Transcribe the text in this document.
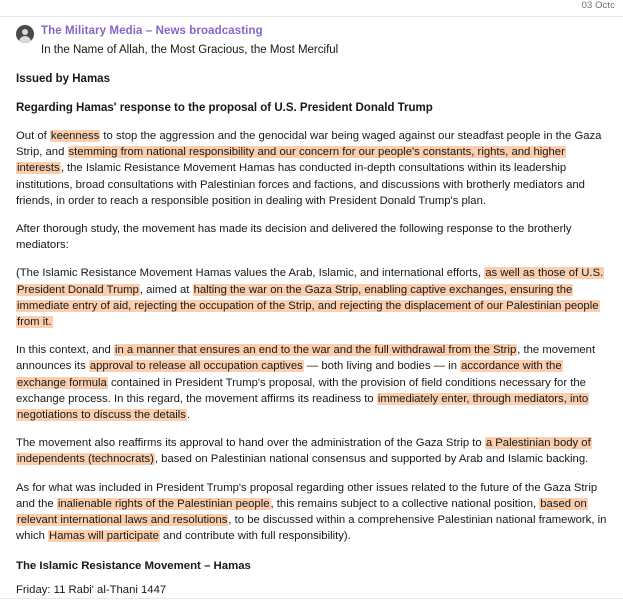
03 Octc
The Military Media – News broadcasting
In the Name of Allah, the Most Gracious, the Most Merciful
Issued by Hamas
Regarding Hamas' response to the proposal of U.S. President Donald Trump

Out of keenness to stop the aggression and the genocidal war being waged against our steadfast people in the Gaza Strip, and stemming from national responsibility and our concern for our people's constants, rights, and higher interests, the Islamic Resistance Movement Hamas has conducted in-depth consultations within its leadership institutions, broad consultations with Palestinian forces and factions, and discussions with brotherly mediators and friends, in order to reach a responsible position in dealing with President Donald Trump's plan.

After thorough study, the movement has made its decision and delivered the following response to the brotherly mediators:

(The Islamic Resistance Movement Hamas values the Arab, Islamic, and international efforts, as well as those of U.S. President Donald Trump, aimed at halting the war on the Gaza Strip, enabling captive exchanges, ensuring the immediate entry of aid, rejecting the occupation of the Strip, and rejecting the displacement of our Palestinian people from it.

In this context, and in a manner that ensures an end to the war and the full withdrawal from the Strip, the movement announces its approval to release all occupation captives — both living and bodies — in accordance with the exchange formula contained in President Trump's proposal, with the provision of field conditions necessary for the exchange process. In this regard, the movement affirms its readiness to immediately enter, through mediators, into negotiations to discuss the details.

The movement also reaffirms its approval to hand over the administration of the Gaza Strip to a Palestinian body of independents (technocrats), based on Palestinian national consensus and supported by Arab and Islamic backing.

As for what was included in President Trump's proposal regarding other issues related to the future of the Gaza Strip and the inalienable rights of the Palestinian people, this remains subject to a collective national position, based on relevant international laws and resolutions, to be discussed within a comprehensive Palestinian national framework, in which Hamas will participate and contribute with full responsibility).

The Islamic Resistance Movement – Hamas
Friday: 11 Rabi' al-Thani 1447
